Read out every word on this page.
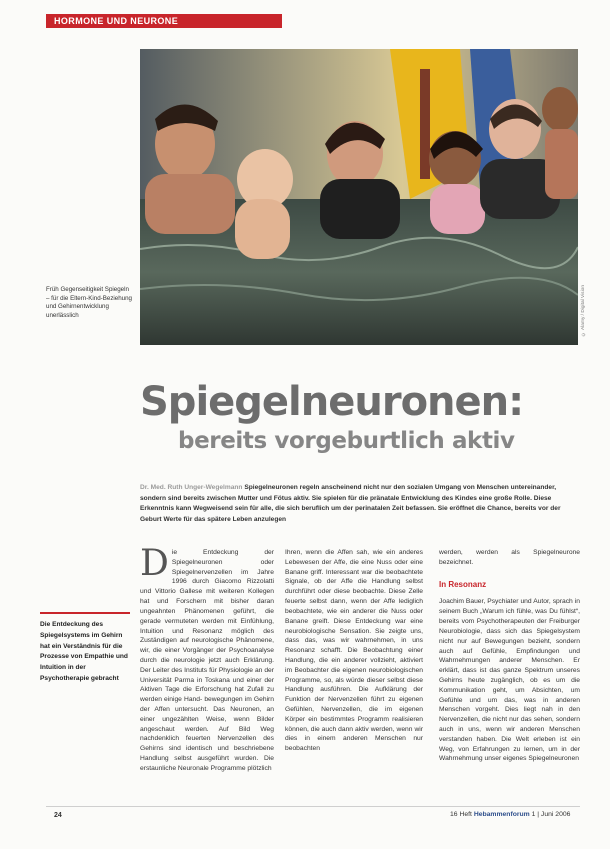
HORMONE UND NEURONE
Früh Gegenseitigkeit Spiegeln – für die Eltern-Kind-Beziehung und Gehirnentwicklung unerlässlich	© Alamy / Digital Vision
Spiegelneuronen:
bereits vorgeburtlich aktiv
Dr. Med. Ruth Unger-Wegelmann Spiegelneuronen regeln anscheinend nicht nur den sozialen Umgang von Menschen untereinander, sondern sind bereits zwischen Mutter und Fötus aktiv. Sie spielen für die pränatale Entwicklung des Kindes eine große Rolle. Diese Erkenntnis kann Wegweisend sein für alle, die sich beruflich um der perinatalen Zeit befassen. Sie eröffnet die Chance, bereits vor der Geburt Werte für das spätere Leben anzulegen
Die Entdeckung des Spiegelsystems im Gehirn hat ein Verständnis für die Prozesse von Empathie und Intuition in der Psychotherapie gebracht
D ie Entdeckung der Spiegelneuronen oder Spiegelnervenzellen im Jahre 1996 durch Giacomo Rizzolatti und Vittorio Gallese mit weiteren Kollegen hat und Forschern mit bisher daran ungeahnten Phänomenen geführt, die gerade vermuteten werden mit Einfühlung, Intuition und Resonanz möglich des Zuständigen auf neurologische Phänomene, wir, die einer Vorgänger der Psychoanalyse durch die neurologie jetzt auch Erklärung. Der Leiter des Instituts für Physiologie an der Universität Parma in Toskana und einer der Aktiven Tage die Erforschung hat Zufall zu werden einige Hand- bewegungen im Gehirn der Affen untersucht. Das Neuronen, an einer ungezählten Weise, wenn Bilder angeschaut werden. Auf Bild Weg nachdenklich feuerten Nervenzellen des Gehirns sind identisch und beschriebene Handlung selbst ausgeführt wurden. Die erstaunliche Neuronale Programme plötzlich
Ihren, wenn die Affen sah, wie ein anderes Lebewesen der Affe, die eine Nuss oder eine Banane griff. Interessant war die beobachtete Signale, ob der Affe die Handlung selbst durchführt oder diese beobachte. Diese Zelle feuerte selbst dann, wenn der Affe lediglich beobachtete, wie ein anderer die Nuss oder Banane greift. Diese Entdeckung war eine neurobiologische Sensation. Sie zeigte uns, dass das, was wir wahrnehmen, in uns Resonanz schafft. Die Beobachtung einer Handlung, die ein anderer vollzieht, aktiviert im Beobachter die eigenen neurobiologischen Programme, so, als würde dieser selbst diese Handlung ausführen. Die Aufklärung der Funktion der Nervenzellen führt zu eigenen Gefühlen, Nervenzellen, die im eigenen Körper ein bestimmtes Programm realisieren können, die auch dann aktiv werden, wenn wir dies in einem anderen Menschen nur beobachten
werden, werden als Spiegelneurone bezeichnet.
In Resonanz
Joachim Bauer, Psychiater und Autor, sprach in seinem Buch „Warum ich fühle, was Du fühlst“, bereits vom Psychotherapeuten der Freiburger Neurobiologie, dass sich das Spiegelsystem nicht nur auf Bewegungen bezieht, sondern auch auf Gefühle, Empfindungen und Wahrnehmungen anderer Menschen. Er erklärt, dass ist das ganze Spektrum unseres Gehirns heute zugänglich, ob es um die Kommunikation geht, um Absichten, um Gefühle und um das, was in anderen Menschen vorgeht. Dies liegt nah in den Nervenzellen, die nicht nur das sehen, sondern auch in uns, wenn wir anderen Menschen verstanden haben. Die Welt erleben ist ein Weg, von Erfahrungen zu lernen, um in der Wahrnehmung unser eigenes Spiegelneuronen
24	16 Heft Hebammenforum 1 | Juni 2006
